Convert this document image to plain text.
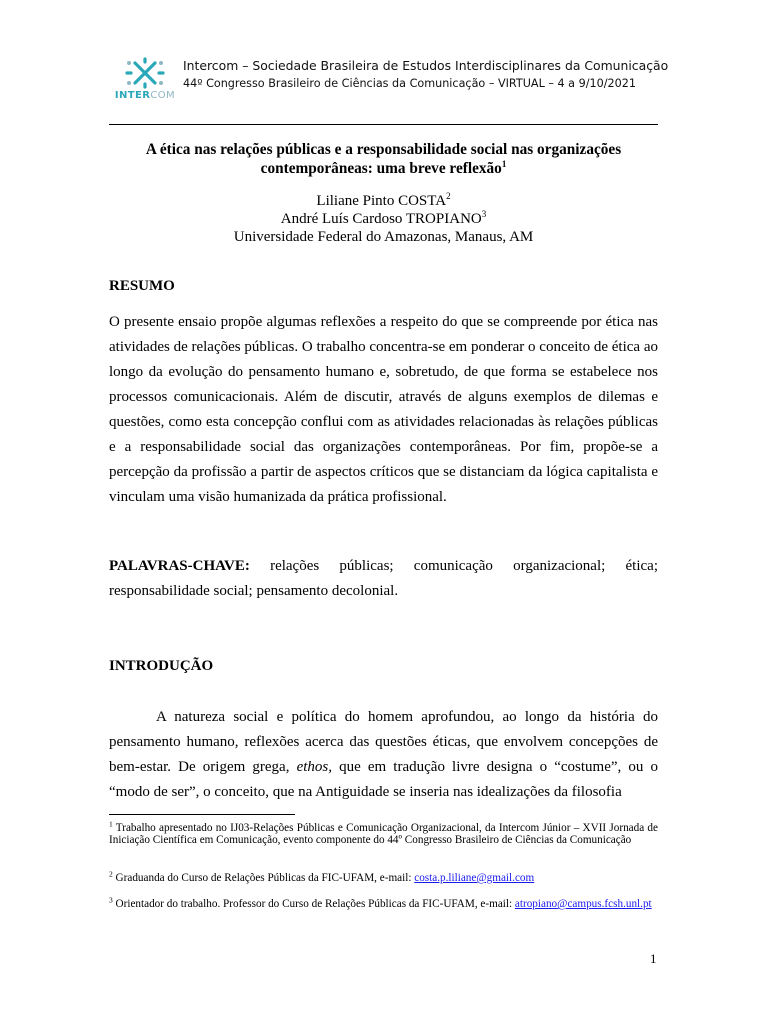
INTERCOM
Intercom – Sociedade Brasileira de Estudos Interdisciplinares da Comunicação
44º Congresso Brasileiro de Ciências da Comunicação – VIRTUAL – 4 a 9/10/2021
A ética nas relações públicas e a responsabilidade social nas organizações
contemporâneas: uma breve reflexão$^1$
Liliane Pinto COSTA$^2$
André Luís Cardoso TROPIANO$^3$
Universidade Federal do Amazonas, Manaus, AM
RESUMO
O presente ensaio propõe algumas reflexões a respeito do que se compreende por ética nas atividades de relações públicas. O trabalho concentra-se em ponderar o conceito de ética ao longo da evolução do pensamento humano e, sobretudo, de que forma se estabelece nos processos comunicacionais. Além de discutir, através de alguns exemplos de dilemas e questões, como esta concepção conflui com as atividades relacionadas às relações públicas e a responsabilidade social das organizações contemporâneas. Por fim, propõe-se a percepção da profissão a partir de aspectos críticos que se distanciam da lógica capitalista e vinculam uma visão humanizada da prática profissional.
PALAVRAS-CHAVE: relações públicas; comunicação organizacional; ética; responsabilidade social; pensamento decolonial.
INTRODUÇÃO
A natureza social e política do homem aprofundou, ao longo da história do pensamento humano, reflexões acerca das questões éticas, que envolvem concepções de bem-estar. De origem grega, ethos, que em tradução livre designa o “costume”, ou o “modo de ser”, o conceito, que na Antiguidade se inseria nas idealizações da filosofia
$^1$ Trabalho apresentado no IJ03-Relações Públicas e Comunicação Organizacional, da Intercom Júnior – XVII Jornada de Iniciação Científica em Comunicação, evento componente do 44º Congresso Brasileiro de Ciências da Comunicação
$^2$ Graduanda do Curso de Relações Públicas da FIC-UFAM, e-mail: costa.p.liliane@gmail.com
$^3$ Orientador do trabalho. Professor do Curso de Relações Públicas da FIC-UFAM, e-mail: atropiano@campus.fcsh.unl.pt
1
